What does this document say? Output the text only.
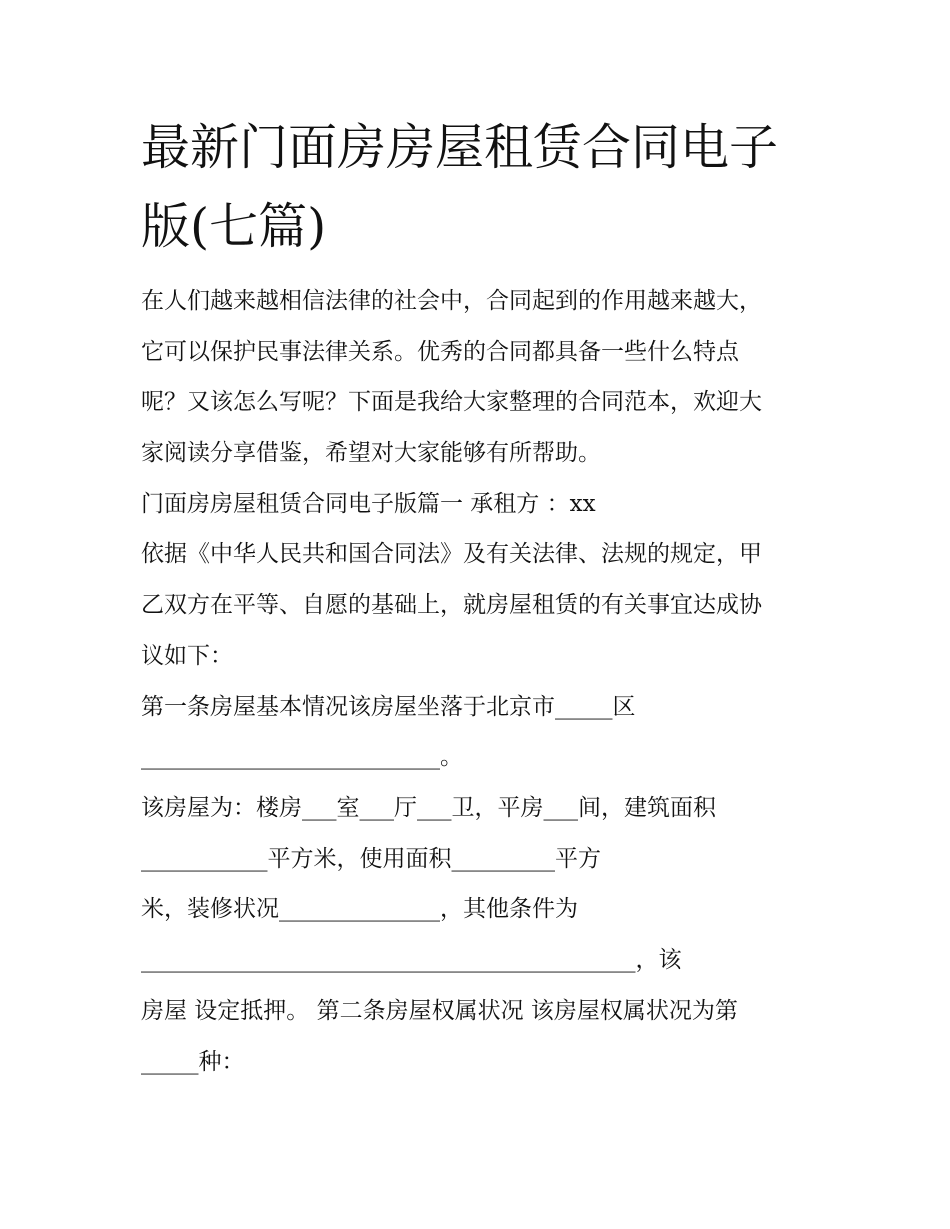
最新门面房房屋租赁合同电子
版(七篇)

在人们越来越相信法律的社会中，合同起到的作用越来越大，

它可以保护民事法律关系。优秀的合同都具备一些什么特点

呢？又该怎么写呢？下面是我给大家整理的合同范本，欢迎大

家阅读分享借鉴，希望对大家能够有所帮助。

门面房房屋租赁合同电子版篇一 承租方 ：xx

依据《中华人民共和国合同法》及有关法律、法规的规定，甲

乙双方在平等、自愿的基础上，就房屋租赁的有关事宜达成协

议如下：

第一条房屋基本情况该房屋坐落于北京市_____区

__________________________。

该房屋为：楼房___室___厅___卫，平房___间，建筑面积

___________平方米，使用面积_________平方

米，装修状况______________，其他条件为

___________________________________________，该

房屋 设定抵押。 第二条房屋权属状况 该房屋权属状况为第

_____种：
